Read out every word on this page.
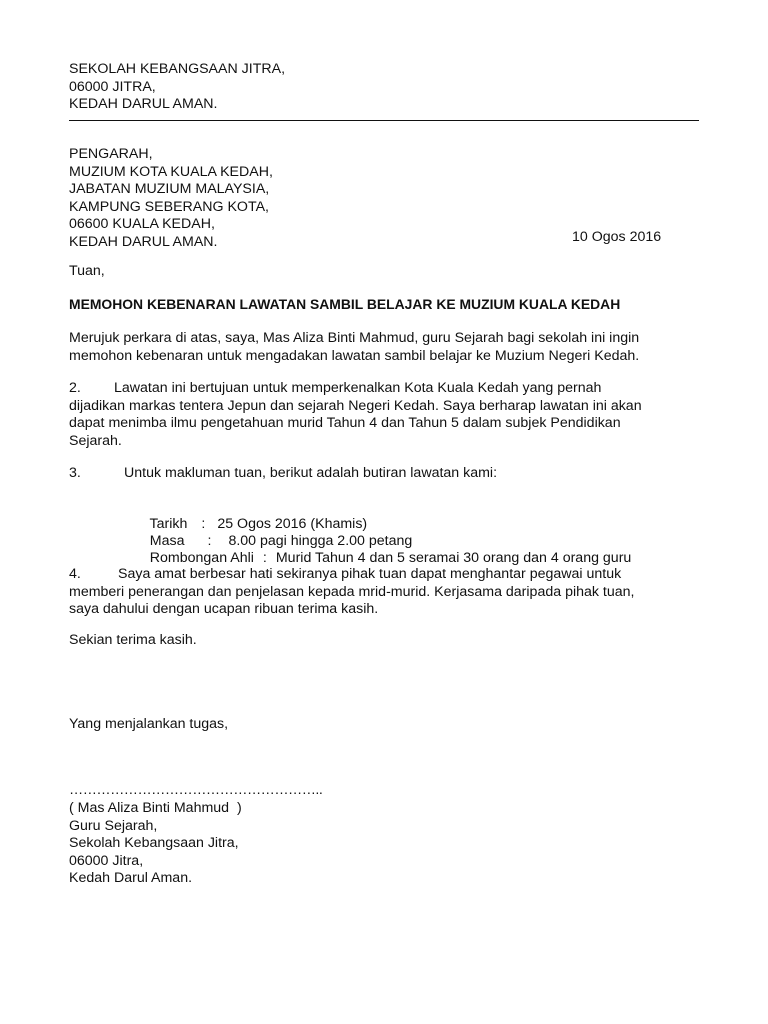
SEKOLAH KEBANGSAAN JITRA,
06000 JITRA,
KEDAH DARUL AMAN.
PENGARAH,
MUZIUM KOTA KUALA KEDAH,
JABATAN MUZIUM MALAYSIA,
KAMPUNG SEBERANG KOTA,
06600 KUALA KEDAH,
KEDAH DARUL AMAN.	10 Ogos 2016
Tuan,
MEMOHON KEBENARAN LAWATAN SAMBIL BELAJAR KE MUZIUM KUALA KEDAH
Merujuk perkara di atas, saya, Mas Aliza Binti Mahmud, guru Sejarah bagi sekolah ini ingin
memohon kebenaran untuk mengadakan lawatan sambil belajar ke Muzium Negeri Kedah.
2. Lawatan ini bertujuan untuk memperkenalkan Kota Kuala Kedah yang pernah
dijadikan markas tentera Jepun dan sejarah Negeri Kedah. Saya berharap lawatan ini akan
dapat menimba ilmu pengetahuan murid Tahun 4 dan Tahun 5 dalam subjek Pendidikan
Sejarah.
3.	Untuk makluman tuan, berikut adalah butiran lawatan kami:

Tarikh : 25 Ogos 2016 (Khamis)

Masa : 8.00 pagi hingga 2.00 petang

Rombongan Ahli : Murid Tahun 4 dan 5 seramai 30 orang dan 4 orang guru

4.	Saya amat berbesar hati sekiranya pihak tuan dapat menghantar pegawai untuk
memberi penerangan dan penjelasan kepada mrid-murid. Kerjasama daripada pihak tuan,
saya dahului dengan ucapan ribuan terima kasih.
Sekian terima kasih.
Yang menjalankan tugas,
………………………………………………..
( Mas Aliza Binti Mahmud  )
Guru Sejarah,
Sekolah Kebangsaan Jitra,
06000 Jitra,
Kedah Darul Aman.
